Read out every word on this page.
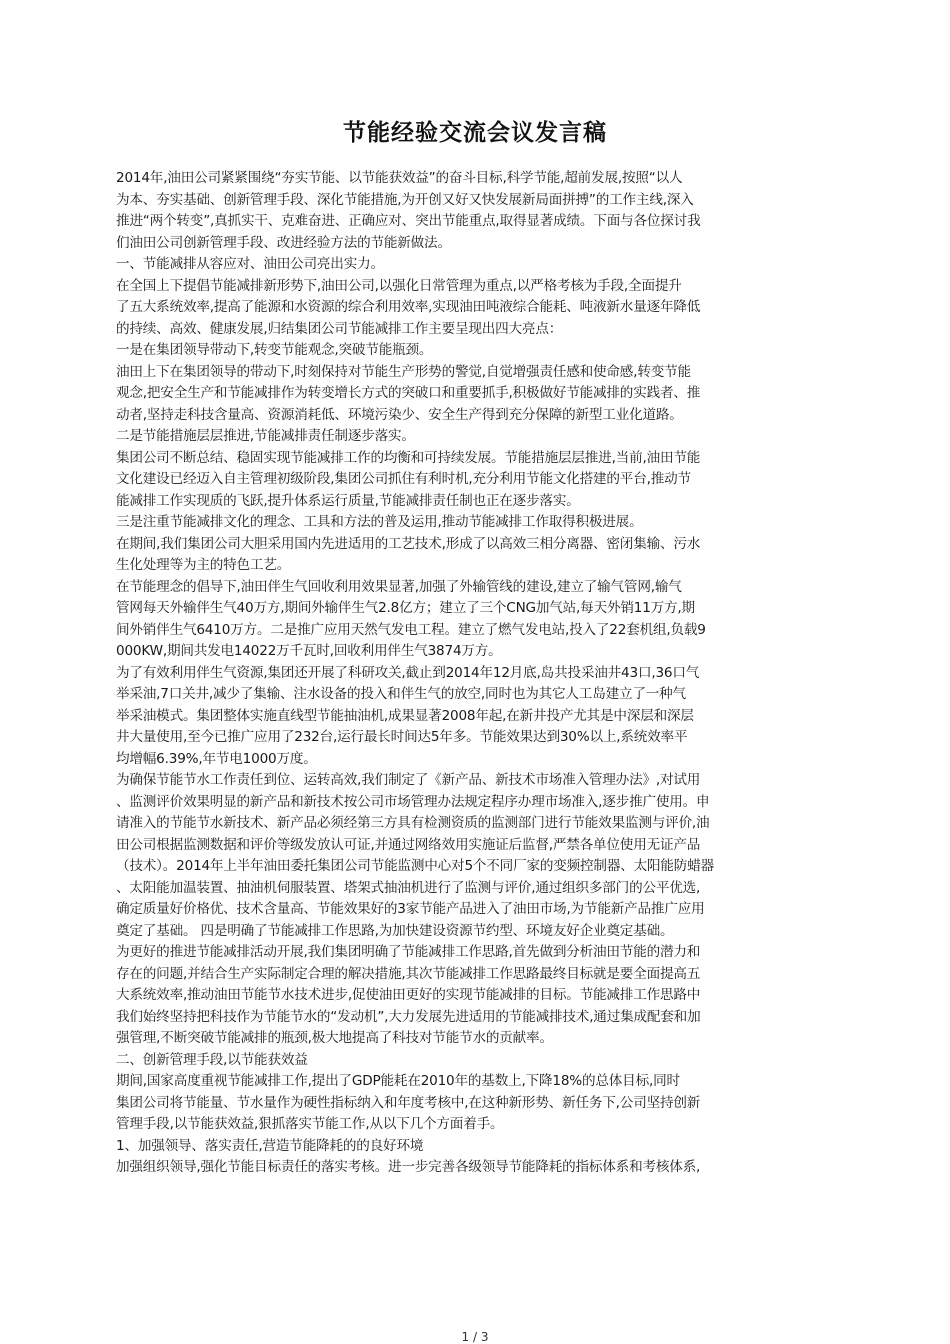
节能经验交流会议发言稿
2014年,油田公司紧紧围绕“夯实节能、以节能获效益”的奋斗目标,科学节能,超前发展,按照“以人
为本、夯实基础、创新管理手段、深化节能措施,为开创又好又快发展新局面拼搏”的工作主线,深入
推进“两个转变”,真抓实干、克难奋进、正确应对、突出节能重点,取得显著成绩。下面与各位探讨我
们油田公司创新管理手段、改进经验方法的节能新做法。
一、节能减排从容应对、油田公司亮出实力。
在全国上下提倡节能减排新形势下,油田公司,以强化日常管理为重点,以严格考核为手段,全面提升
了五大系统效率,提高了能源和水资源的综合利用效率,实现油田吨液综合能耗、吨液新水量逐年降低
的持续、高效、健康发展,归结集团公司节能减排工作主要呈现出四大亮点：
一是在集团领导带动下,转变节能观念,突破节能瓶颈。
油田上下在集团领导的带动下,时刻保持对节能生产形势的警觉,自觉增强责任感和使命感,转变节能
观念,把安全生产和节能减排作为转变增长方式的突破口和重要抓手,积极做好节能减排的实践者、推
动者,坚持走科技含量高、资源消耗低、环境污染少、安全生产得到充分保障的新型工业化道路。
二是节能措施层层推进,节能减排责任制逐步落实。
集团公司不断总结、稳固实现节能减排工作的均衡和可持续发展。节能措施层层推进,当前,油田节能
文化建设已经迈入自主管理初级阶段,集团公司抓住有利时机,充分利用节能文化搭建的平台,推动节
能减排工作实现质的飞跃,提升体系运行质量,节能减排责任制也正在逐步落实。
三是注重节能减排文化的理念、工具和方法的普及运用,推动节能减排工作取得积极进展。
在期间,我们集团公司大胆采用国内先进适用的工艺技术,形成了以高效三相分离器、密闭集输、污水
生化处理等为主的特色工艺。
在节能理念的倡导下,油田伴生气回收利用效果显著,加强了外输管线的建设,建立了输气管网,输气
管网每天外输伴生气40万方,期间外输伴生气2.8亿方；建立了三个CNG加气站,每天外销11万方,期
间外销伴生气6410万方。二是推广应用天然气发电工程。建立了燃气发电站,投入了22套机组,负载9
000KW,期间共发电14022万千瓦时,回收利用伴生气3874万方。
为了有效利用伴生气资源,集团还开展了科研攻关,截止到2014年12月底,岛共投采油井43口,36口气
举采油,7口关井,减少了集输、注水设备的投入和伴生气的放空,同时也为其它人工岛建立了一种气
举采油模式。集团整体实施直线型节能抽油机,成果显著2008年起,在新井投产尤其是中深层和深层
井大量使用,至今已推广应用了232台,运行最长时间达5年多。节能效果达到30%以上,系统效率平
均增幅6.39%,年节电1000万度。
为确保节能节水工作责任到位、运转高效,我们制定了《新产品、新技术市场准入管理办法》,对试用
、监测评价效果明显的新产品和新技术按公司市场管理办法规定程序办理市场准入,逐步推广使用。申
请准入的节能节水新技术、新产品必须经第三方具有检测资质的监测部门进行节能效果监测与评价,油
田公司根据监测数据和评价等级发放认可证,并通过网络效用实施证后监督,严禁各单位使用无证产品
（技术）。2014年上半年油田委托集团公司节能监测中心对5个不同厂家的变频控制器、太阳能防蜡器
、太阳能加温装置、抽油机伺服装置、塔架式抽油机进行了监测与评价,通过组织多部门的公平优选,
确定质量好价格优、技术含量高、节能效果好的3家节能产品进入了油田市场,为节能新产品推广应用
奠定了基础。 四是明确了节能减排工作思路,为加快建设资源节约型、环境友好企业奠定基础。
为更好的推进节能减排活动开展,我们集团明确了节能减排工作思路,首先做到分析油田节能的潜力和
存在的问题,并结合生产实际制定合理的解决措施,其次节能减排工作思路最终目标就是要全面提高五
大系统效率,推动油田节能节水技术进步,促使油田更好的实现节能减排的目标。节能减排工作思路中
我们始终坚持把科技作为节能节水的“发动机”,大力发展先进适用的节能减排技术,通过集成配套和加
强管理,不断突破节能减排的瓶颈,极大地提高了科技对节能节水的贡献率。
二、创新管理手段,以节能获效益
期间,国家高度重视节能减排工作,提出了GDP能耗在2010年的基数上,下降18%的总体目标,同时
集团公司将节能量、节水量作为硬性指标纳入和年度考核中,在这种新形势、新任务下,公司坚持创新
管理手段,以节能获效益,狠抓落实节能工作,从以下几个方面着手。
1、加强领导、落实责任,营造节能降耗的的良好环境
加强组织领导,强化节能目标责任的落实考核。进一步完善各级领导节能降耗的指标体系和考核体系,
1 / 3
